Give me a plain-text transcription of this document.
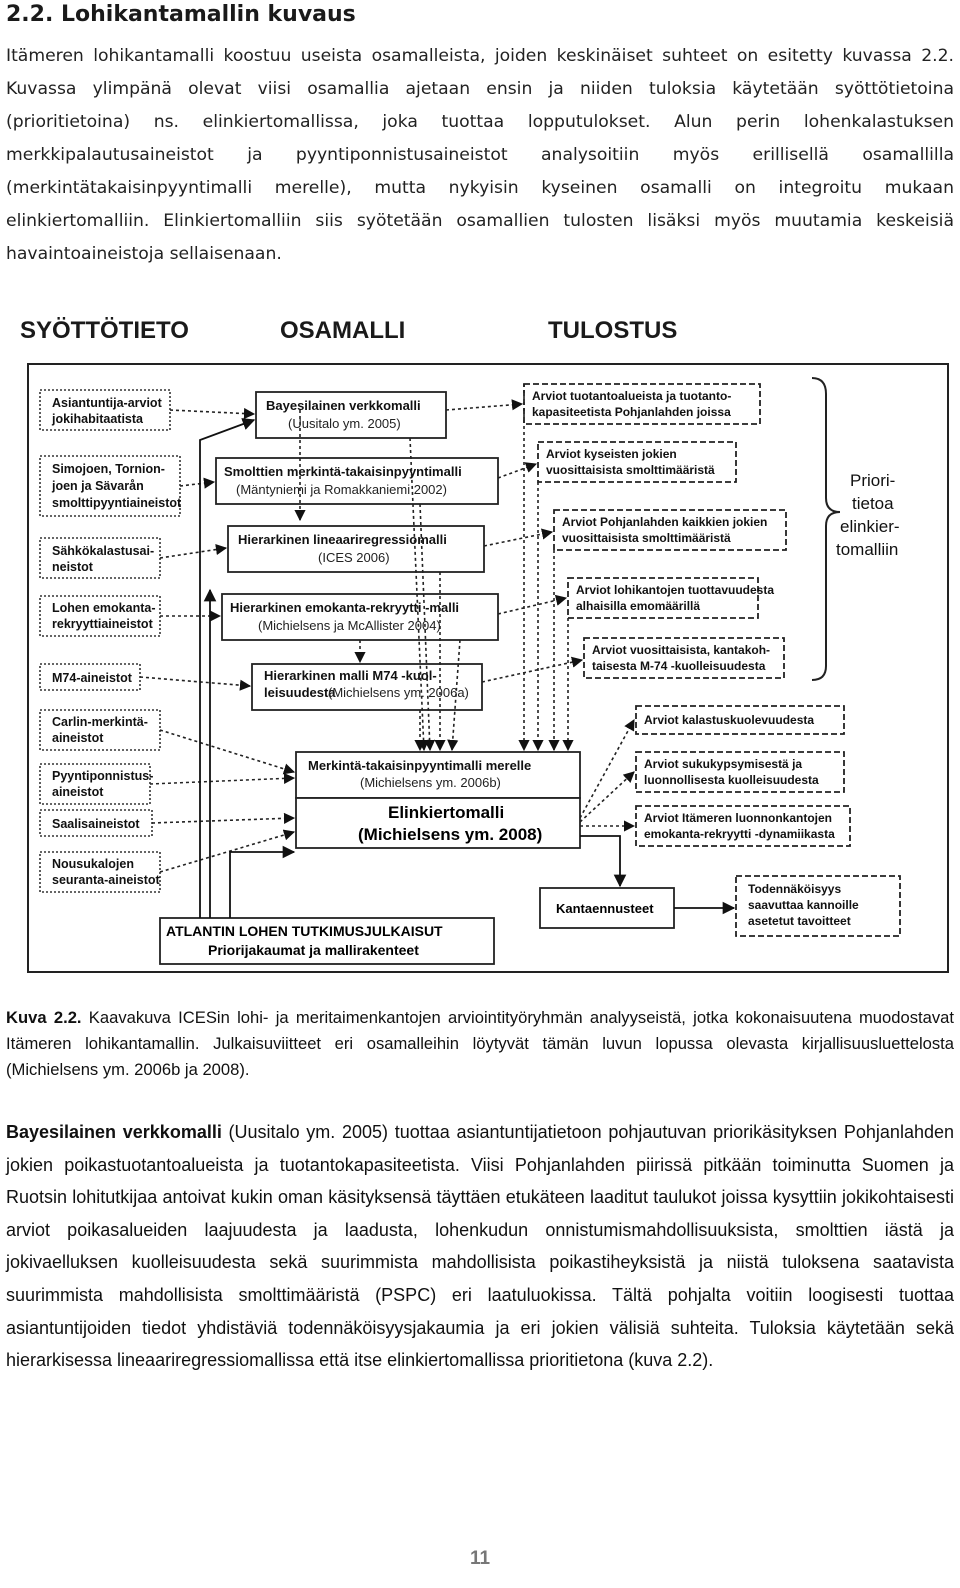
2.2. Lohikantamallin kuvaus

Itämeren lohikantamalli koostuu useista osamalleista, joiden keskinäiset suhteet on esitetty kuvassa 2.2. Kuvassa ylimpänä olevat viisi osamallia ajetaan ensin ja niiden tuloksia käytetään syöttötietoina (prioritietoina) ns. elinkiertomallissa, joka tuottaa lopputulokset. Alun perin lohenkalastuksen merkkipalautusaineistot ja pyyntiponnistusaineistot analysoitiin myös erillisellä osamallilla (merkintätakaisinpyyntimalli merelle), mutta nykyisin kyseinen osamalli on integroitu mukaan elinkiertomalliin. Elinkiertomalliin siis syötetään osamallien tulosten lisäksi myös muutamia keskeisiä havaintoaineistoja sellaisenaan.

SYÖTTÖTIETO	OSAMALLI	TULOSTUS
Asiantuntija-arviot
jokihabitaatista
Simojoen, Tornion-
joen ja Sävarån
smolttipyyntiaineistot
Sähkökalastusai-
neistot
Lohen emokanta-
rekryyttiaineistot
M74-aineistot
Carlin-merkintä-
aineistot
Pyyntiponnistus-
aineistot
Saalisaineistot
Nousukalojen
seuranta-aineistot
Bayesilainen verkkomalli
(Uusitalo ym. 2005)
Smolttien merkintä-takaisinpyyntimalli
(Mäntyniemi ja Romakkaniemi 2002)
Hierarkinen lineaariregressiomalli
(ICES 2006)
Hierarkinen emokanta-rekryytti -malli
(Michielsens ja McAllister 2004)
Hierarkinen malli M74 -kuol-
leisuudesta
(Michielsens ym. 2006a)
Merkintä-takaisinpyyntimalli merelle
(Michielsens ym. 2006b)
Elinkiertomalli
(Michielsens ym. 2008)
Kantaennusteet
ATLANTIN LOHEN TUTKIMUSJULKAISUT
Priorijakaumat ja mallirakenteet
Arviot tuotantoalueista ja tuotanto-
kapasiteetista Pohjanlahden joissa
Arviot kyseisten jokien
vuosittaisista smolttimääristä
Arviot Pohjanlahden kaikkien jokien
vuosittaisista smolttimääristä
Arviot lohikantojen tuottavuudesta
alhaisilla emomäärillä
Arviot vuosittaisista, kantakoh-
taisesta M-74 -kuolleisuudesta
Arviot kalastuskuolevuudesta
Arviot sukukypsymisestä ja
luonnollisesta kuolleisuudesta
Arviot Itämeren luonnonkantojen
emokanta-rekryytti -dynamiikasta
Todennäköisyys
saavuttaa kannoille
asetetut tavoitteet
Priori-
tietoa
elinkier-
tomalliin
Kuva 2.2. Kaavakuva ICESin lohi- ja meritaimenkantojen arviointityöryhmän analyyseistä, jotka kokonaisuutena muodostavat Itämeren lohikantamallin. Julkaisuviitteet eri osamalleihin löytyvät tämän luvun lopussa olevasta kirjallisuusluettelosta (Michielsens ym. 2006b ja 2008).
Bayesilainen verkkomalli (Uusitalo ym. 2005) tuottaa asiantuntijatietoon pohjautuvan priorikäsityksen Pohjanlahden jokien poikastuotantoalueista ja tuotantokapasiteetista. Viisi Pohjanlahden piirissä pitkään toiminutta Suomen ja Ruotsin lohitutkijaa antoivat kukin oman käsityksensä täyttäen etukäteen laaditut taulukot joissa kysyttiin jokikohtaisesti arviot poikasalueiden laajuudesta ja laadusta, lohenkudun onnistumismahdollisuuksista, smolttien iästä ja jokivaelluksen kuolleisuudesta sekä suurimmista mahdollisista poikastiheyksistä ja niistä tuloksena saatavista suurimmista mahdollisista smolttimääristä (PSPC) eri laatuluokissa. Tältä pohjalta voitiin loogisesti tuottaa asiantuntijoiden tiedot yhdistäviä todennäköisyysjakaumia ja eri jokien välisiä suhteita. Tuloksia käytetään sekä hierarkisessa lineaariregressiomallissa että itse elinkiertomallissa prioritietona (kuva 2.2).
11
